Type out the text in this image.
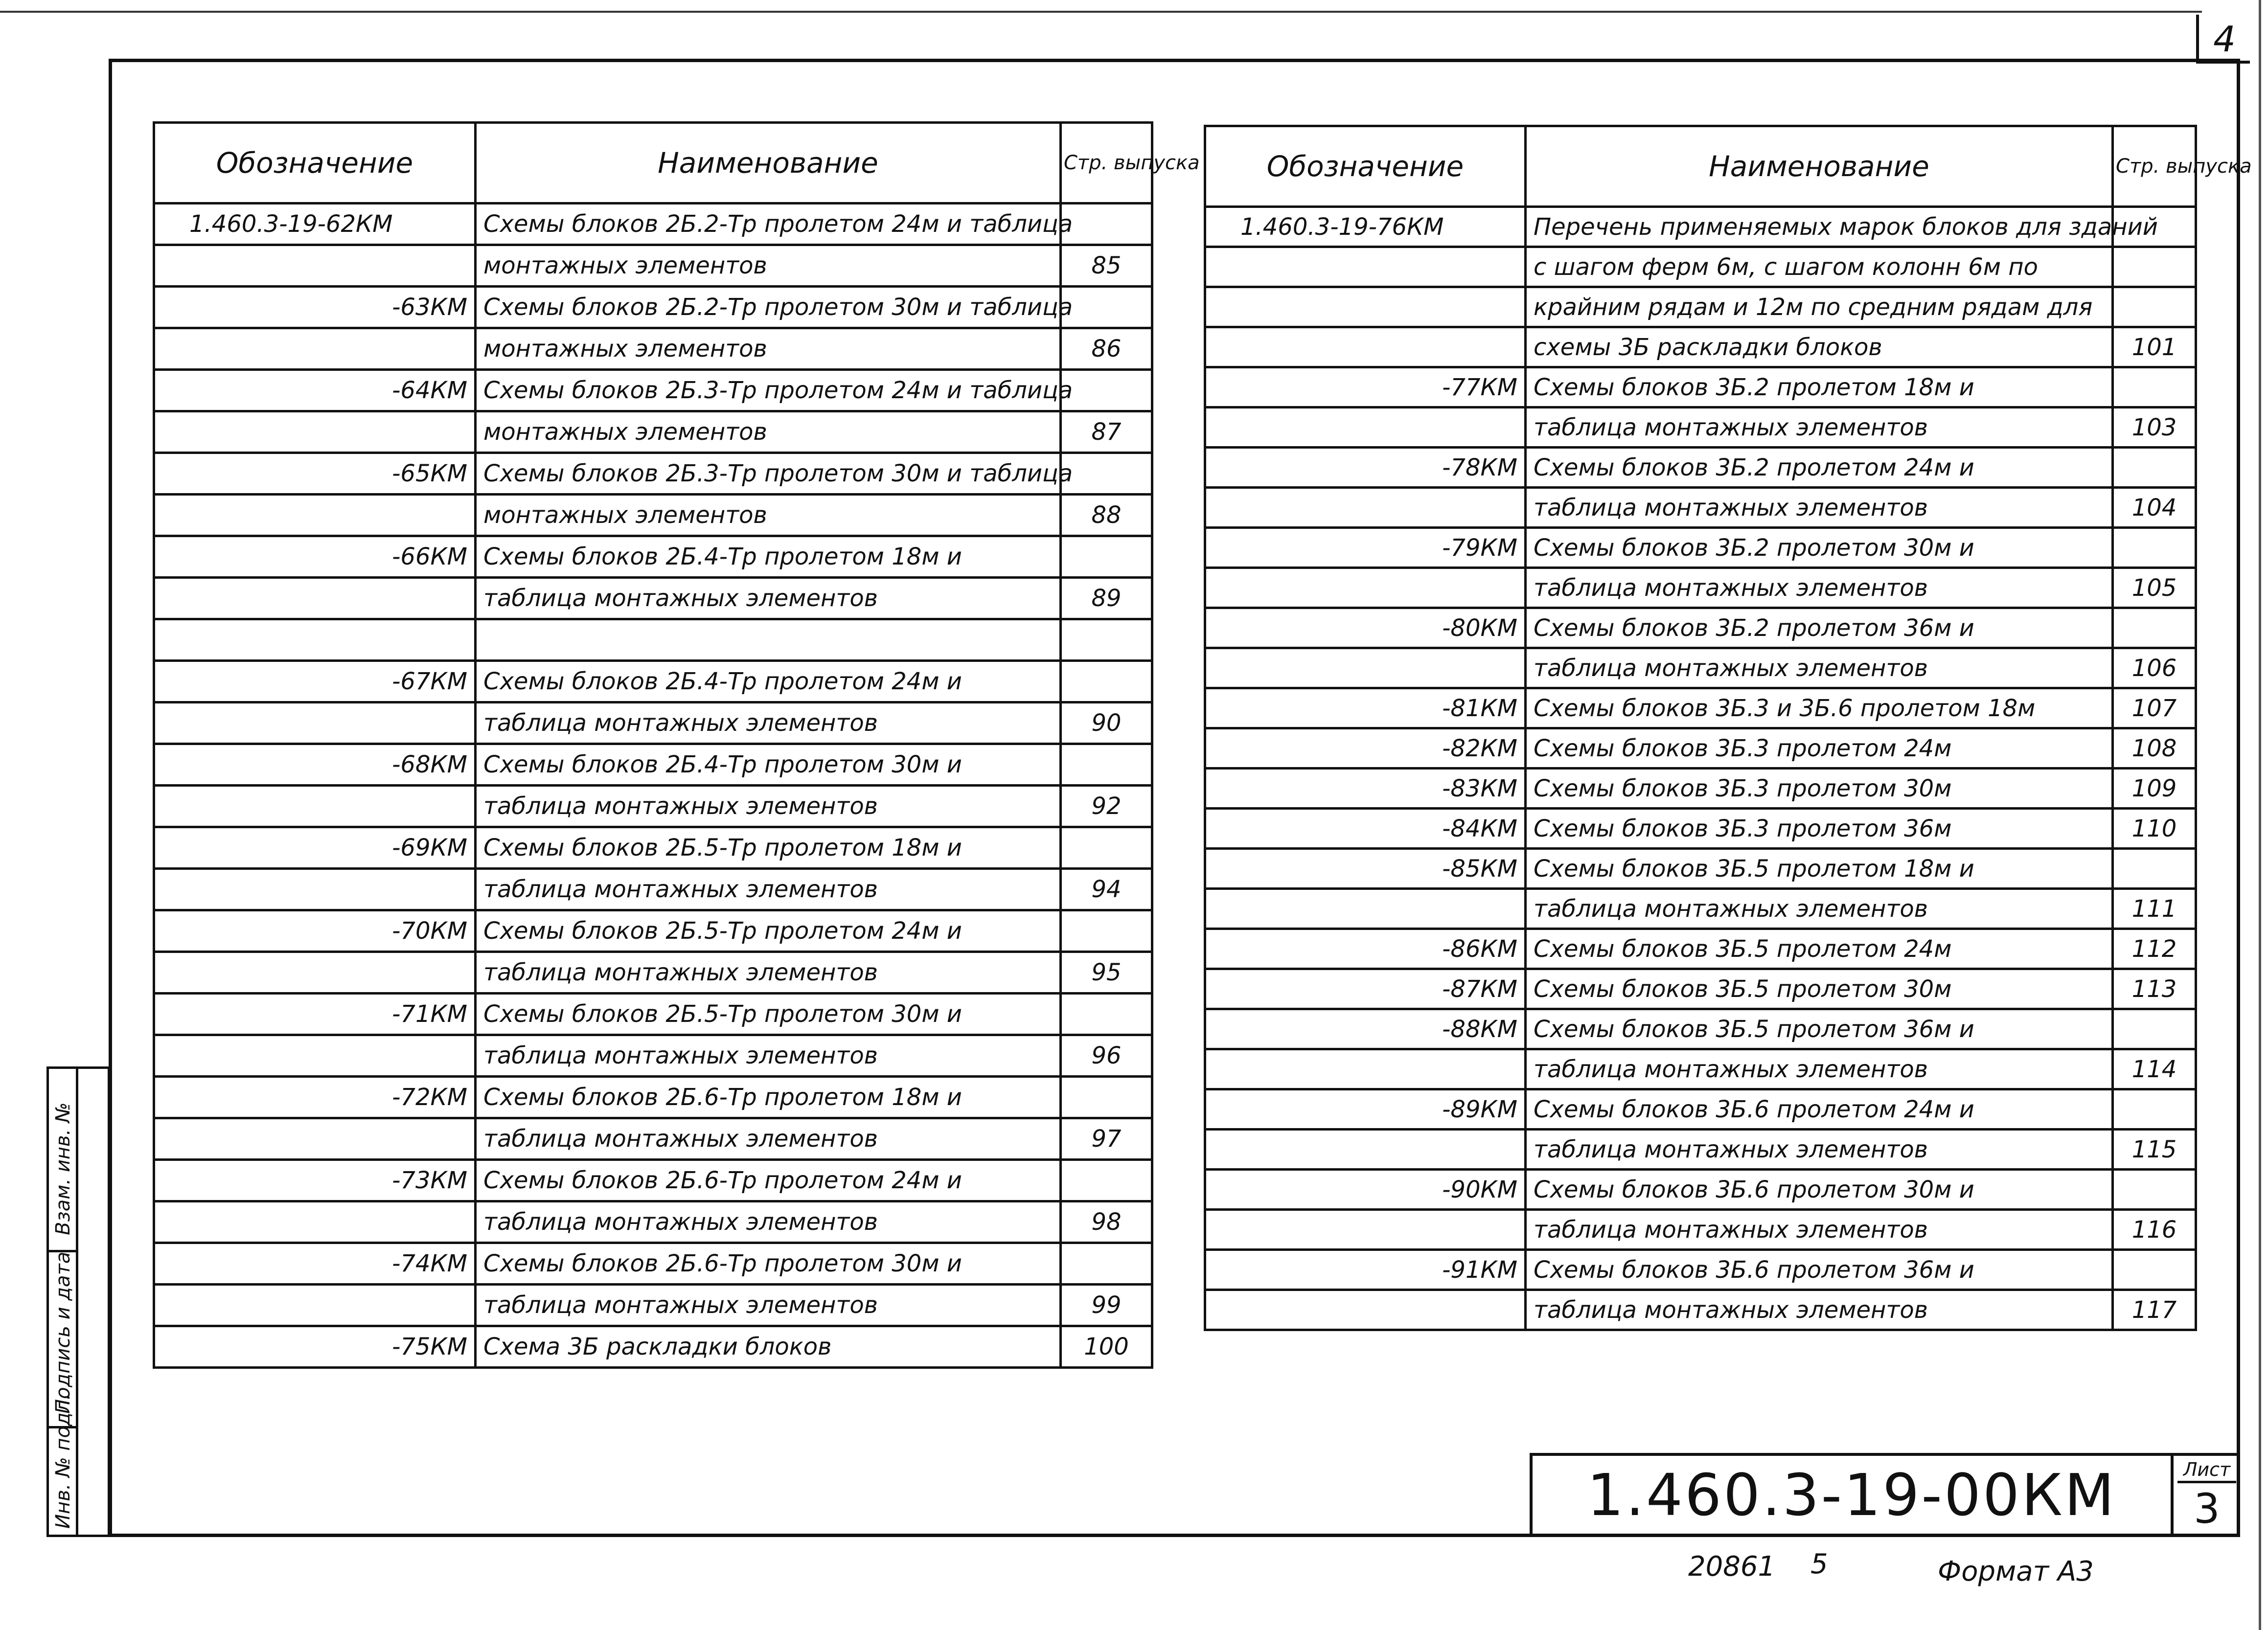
4
Обозначение	Наименование	Стр. выпуска
1.460.3-19-62КМ	Схемы блоков 2Б.2-Тр пролетом 24м и таблица	
	монтажных элементов	85
-63КМ	Схемы блоков 2Б.2-Тр пролетом 30м и таблица	
	монтажных элементов	86
-64КМ	Схемы блоков 2Б.3-Тр пролетом 24м и таблица	
	монтажных элементов	87
-65КМ	Схемы блоков 2Б.3-Тр пролетом 30м и таблица	
	монтажных элементов	88
-66КМ	Схемы блоков 2Б.4-Тр пролетом 18м и	
	таблица монтажных элементов	89

-67КМ	Схемы блоков 2Б.4-Тр пролетом 24м и	
	таблица монтажных элементов	90
-68КМ	Схемы блоков 2Б.4-Тр пролетом 30м и	
	таблица монтажных элементов	92
-69КМ	Схемы блоков 2Б.5-Тр пролетом 18м и	
	таблица монтажных элементов	94
-70КМ	Схемы блоков 2Б.5-Тр пролетом 24м и	
	таблица монтажных элементов	95
-71КМ	Схемы блоков 2Б.5-Тр пролетом 30м и	
	таблица монтажных элементов	96
-72КМ	Схемы блоков 2Б.6-Тр пролетом 18м и	
	таблица монтажных элементов	97
-73КМ	Схемы блоков 2Б.6-Тр пролетом 24м и	
	таблица монтажных элементов	98
-74КМ	Схемы блоков 2Б.6-Тр пролетом 30м и	
	таблица монтажных элементов	99
-75КМ	Схема 3Б раскладки блоков	100
Обозначение	Наименование	Стр. выпуска
1.460.3-19-76КМ	Перечень применяемых марок блоков для зданий	
	с шагом ферм 6м, с шагом колонн 6м по	
	крайним рядам и 12м по средним рядам для	
	схемы 3Б раскладки блоков	101
-77КМ	Схемы блоков 3Б.2 пролетом 18м и	
	таблица монтажных элементов	103
-78КМ	Схемы блоков 3Б.2 пролетом 24м и	
	таблица монтажных элементов	104
-79КМ	Схемы блоков 3Б.2 пролетом 30м и	
	таблица монтажных элементов	105
-80КМ	Схемы блоков 3Б.2 пролетом 36м и	
	таблица монтажных элементов	106
-81КМ	Схемы блоков 3Б.3 и 3Б.6 пролетом 18м	107
-82КМ	Схемы блоков 3Б.3 пролетом 24м	108
-83КМ	Схемы блоков 3Б.3 пролетом 30м	109
-84КМ	Схемы блоков 3Б.3 пролетом 36м	110
-85КМ	Схемы блоков 3Б.5 пролетом 18м и	
	таблица монтажных элементов	111
-86КМ	Схемы блоков 3Б.5 пролетом 24м	112
-87КМ	Схемы блоков 3Б.5 пролетом 30м	113
-88КМ	Схемы блоков 3Б.5 пролетом 36м и	
	таблица монтажных элементов	114
-89КМ	Схемы блоков 3Б.6 пролетом 24м и	
	таблица монтажных элементов	115
-90КМ	Схемы блоков 3Б.6 пролетом 30м и	
	таблица монтажных элементов	116
-91КМ	Схемы блоков 3Б.6 пролетом 36м и	
	таблица монтажных элементов	117
Взам. инв. №
Подпись и дата
Инв. № подл.	1.460.3-19-00КМ	Лист
3
20861 5	Формат А3
